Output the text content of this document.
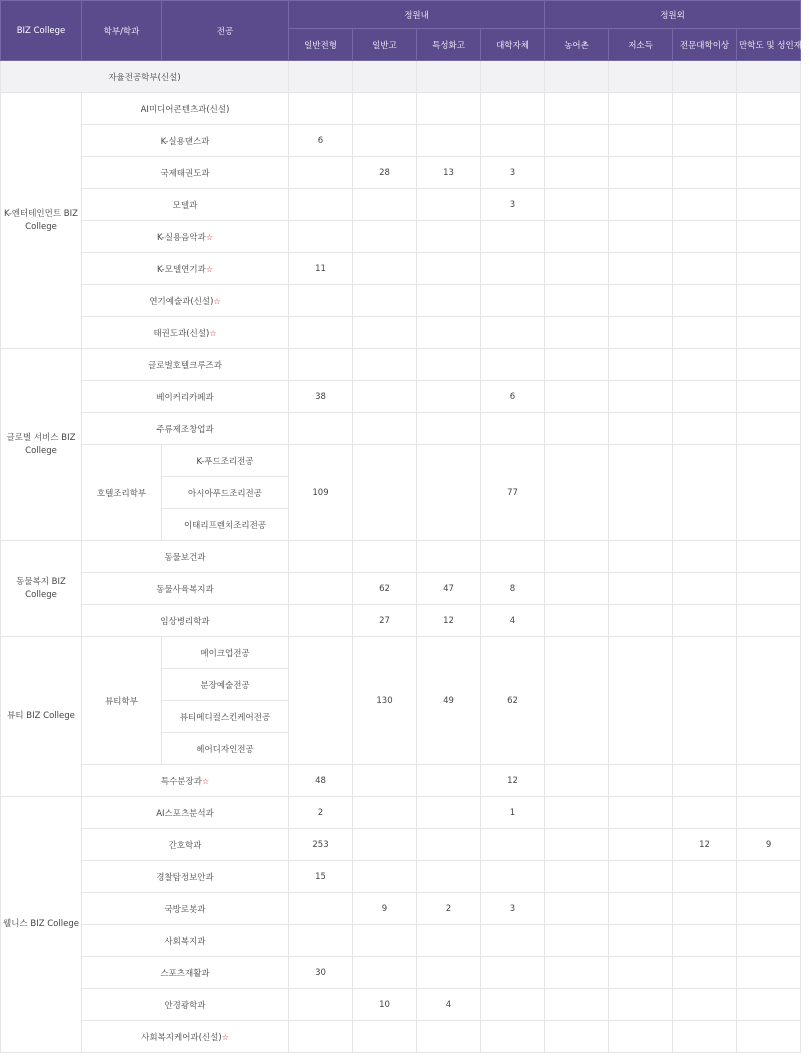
BIZ College	학부/학과	전공	정원내				정원외			
			일반전형	일반고	특성화고	대학자체	농어촌	저소득	전문대학이상	만학도 및 성인재직
자율전공학부(신설)										
K-엔터테인먼트 BIZ College	AI미디어콘텐츠과(신설)									
	K-실용댄스과		6							
	국제태권도과			28	13	3				
	모델과					3				
	K-실용음악과☆									
	K-모델연기과☆		11							
	연기예술과(신설)☆									
	태권도과(신설)☆									
글로벌 서비스 BIZ College	글로벌호텔크루즈과									
	베이커리카페과		38			6				
	주류제조창업과									
	호텔조리학부	K-푸드조리전공	109			77				
		아시아푸드조리전공								
		이태리프렌치조리전공								
동물복지 BIZ College	동물보건과									
	동물사육복지과			62	47	8				
	임상병리학과			27	12	4				
뷰티 BIZ College	뷰티학부	메이크업전공		130	49	62				
		분장예술전공								
		뷰티메디컬스킨케어전공								
		헤어디자인전공								
	특수분장과☆		48			12				
웰니스 BIZ College	AI스포츠분석과		2			1				
	간호학과		253						12	9
	경찰탐정보안과		15							
	국방로봇과			9	2	3				
	사회복지과									
	스포츠재활과		30							
	안경광학과			10	4					
	사회복지케어과(신설)☆									
